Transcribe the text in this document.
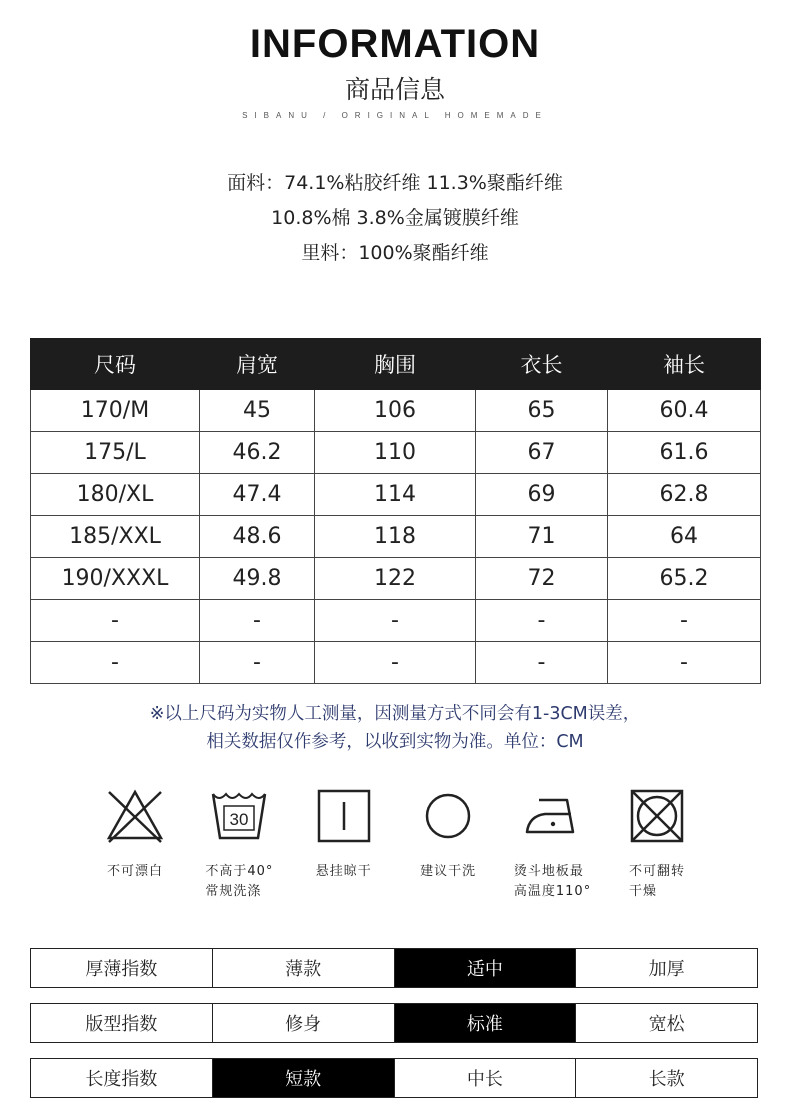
INFORMATION
商品信息
SIBANU / ORIGINAL HOMEMADE
面料：74.1%粘胶纤维 11.3%聚酯纤维
10.8%棉 3.8%金属镀膜纤维
里料：100%聚酯纤维
尺码	肩宽	胸围	衣长	袖长
170/M	45	106	65	60.4
175/L	46.2	110	67	61.6
180/XL	47.4	114	69	62.8
185/XXL	48.6	118	71	64
190/XXXL	49.8	122	72	65.2
-	-	-	-	-
-	-	-	-	-
※以上尺码为实物人工测量，因测量方式不同会有1-3CM误差，
相关数据仅作参考，以收到实物为准。单位：CM
不可漂白
30
不高于40°
常规洗涤
悬挂晾干	建议干洗	烫斗地板最
高温度110°
不可翻转
干燥
厚薄指数	薄款	适中	加厚
版型指数	修身	标准	宽松
长度指数	短款	中长	长款
